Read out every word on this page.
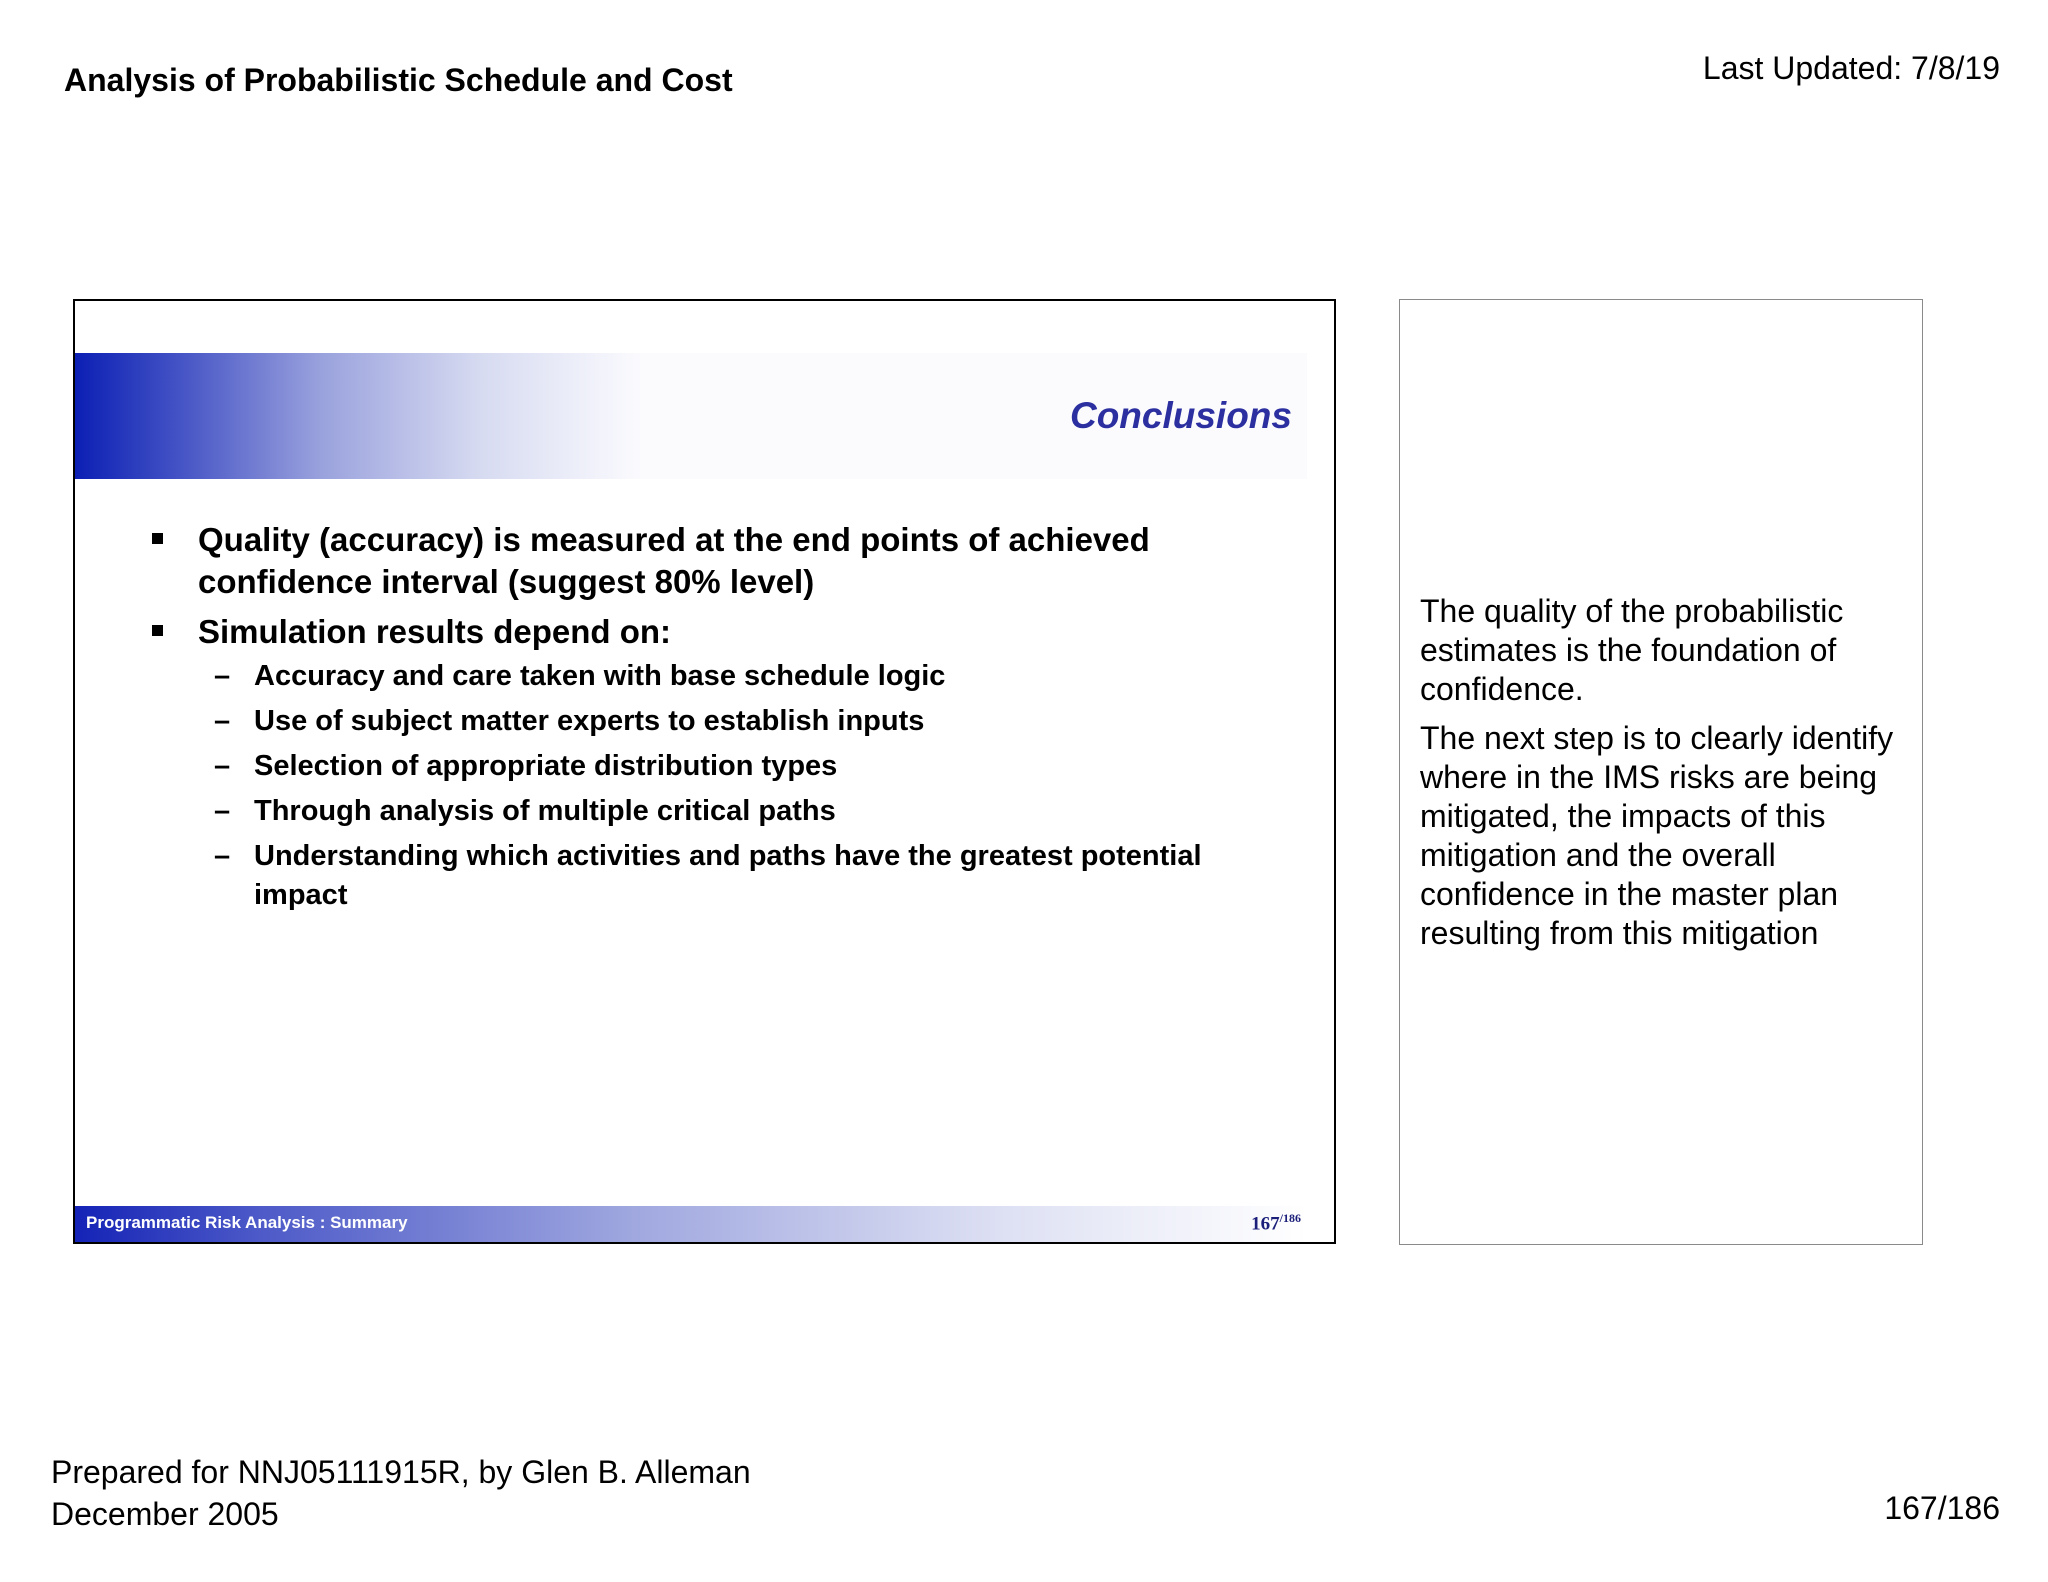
Analysis of Probabilistic Schedule and Cost	Last Updated: 7/8/19
Conclusions
Quality (accuracy) is measured at the end points of achieved confidence interval (suggest 80% level)
Simulation results depend on:
– Accuracy and care taken with base schedule logic
– Use of subject matter experts to establish inputs
– Selection of appropriate distribution types
– Through analysis of multiple critical paths
– Understanding which activities and paths have the greatest potential impact
Programmatic Risk Analysis : Summary	$167^{/186}$

The quality of the probabilistic estimates is the foundation of confidence.

The next step is to clearly identify where in the IMS risks are being mitigated, the impacts of this mitigation and the overall confidence in the master plan resulting from this mitigation

Prepared for NNJ05111915R, by Glen B. Alleman
December 2005	167/186
